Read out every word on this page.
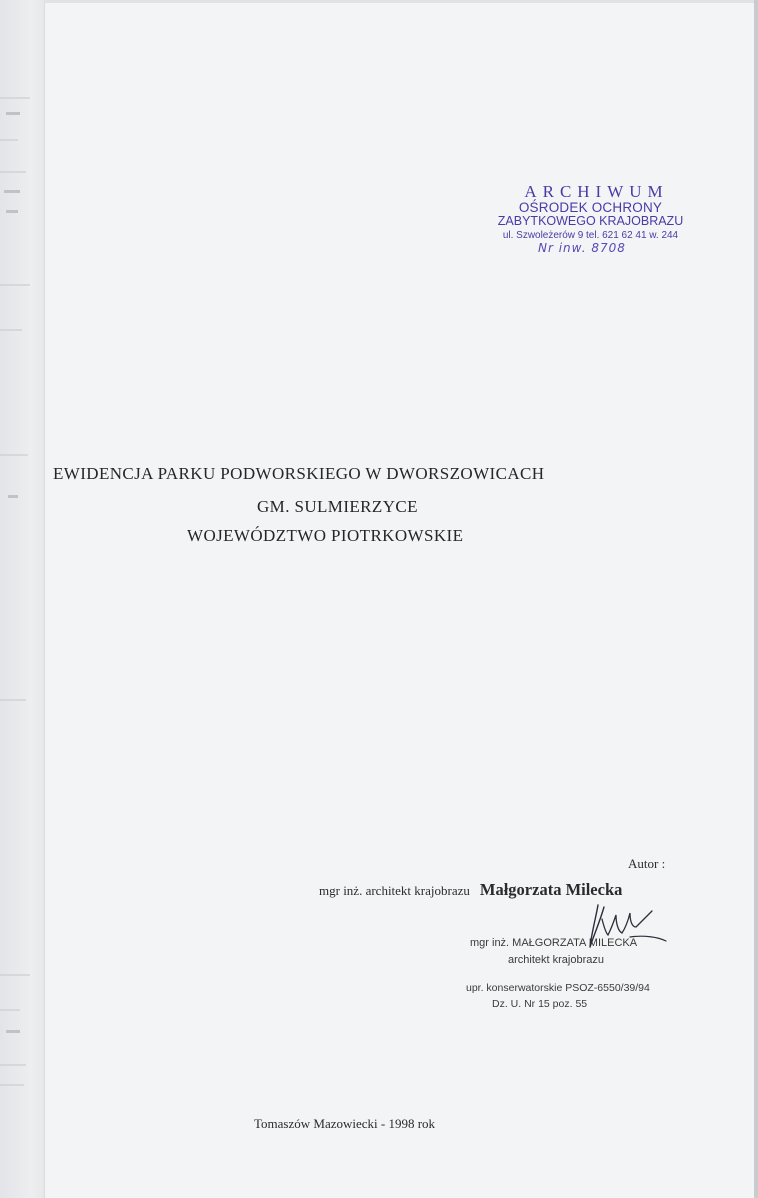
ARCHIWUM
OŚRODEK OCHRONY
ZABYTKOWEGO KRAJOBRAZU
ul. Szwoleżerów 9 tel. 621 62 41 w. 244
Nr inw. 8708
EWIDENCJA PARKU PODWORSKIEGO W DWORSZOWICACH
GM. SULMIERZYCE
WOJEWÓDZTWO PIOTRKOWSKIE
Autor :
mgr inż. architekt krajobrazu Małgorzata Milecka
mgr inż. MAŁGORZATA MILECKA
architekt krajobrazu
upr. konserwatorskie PSOZ-6550/39/94
Dz. U. Nr 15 poz. 55
Tomaszów Mazowiecki - 1998 rok
